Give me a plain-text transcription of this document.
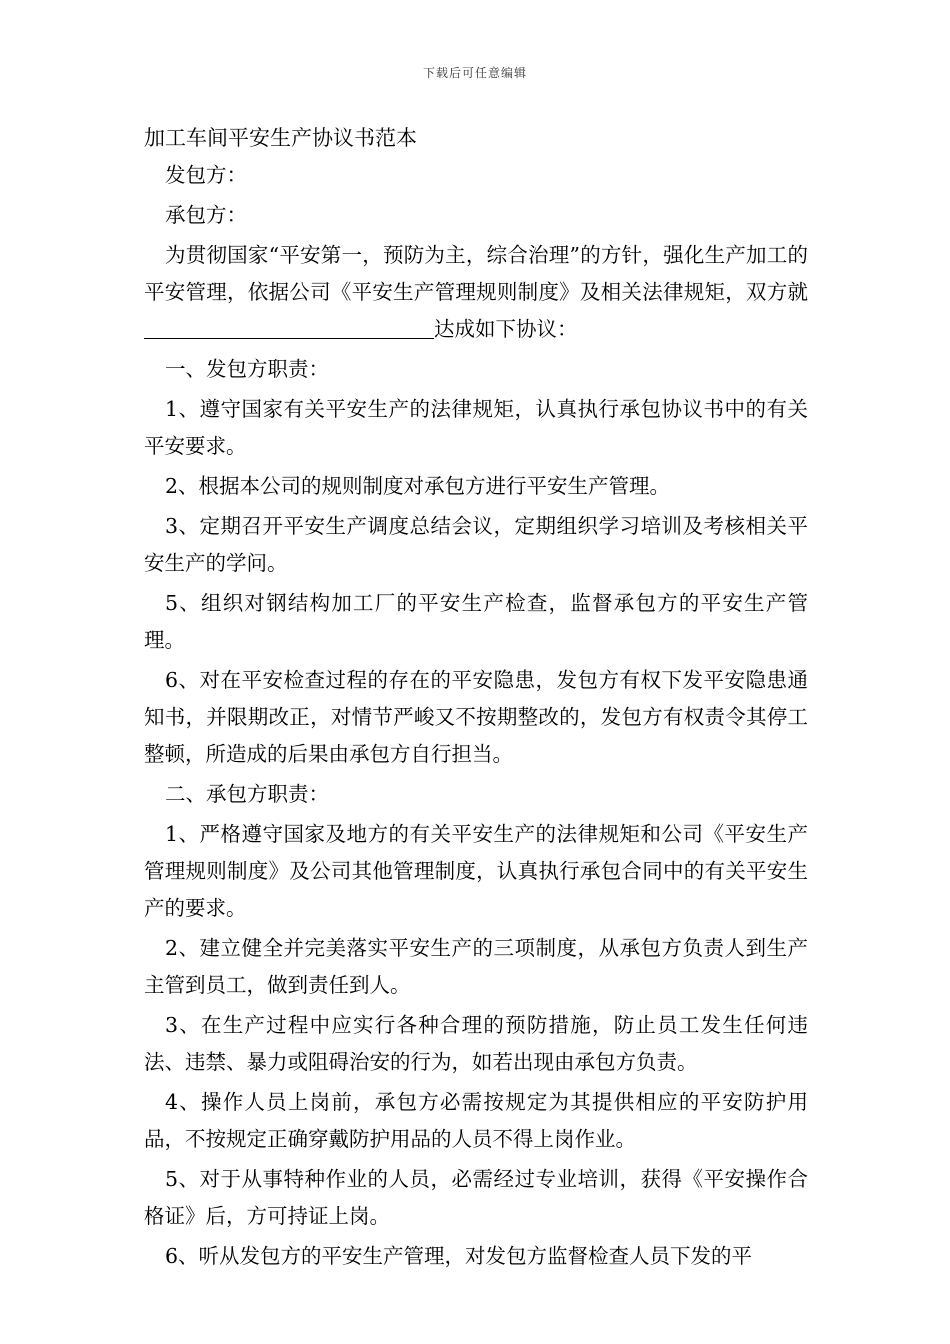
下载后可任意编辑
加工车间平安生产协议书范本

发包方：

承包方：

为贯彻国家“平安第一，预防为主，综合治理”的方针，强化生产加工的平安管理，依据公司《平安生产管理规则制度》及相关法律规矩，双方就达成如下协议：

一、发包方职责：

1、遵守国家有关平安生产的法律规矩，认真执行承包协议书中的有关平安要求。

2、根据本公司的规则制度对承包方进行平安生产管理。

3、定期召开平安生产调度总结会议，定期组织学习培训及考核相关平安生产的学问。

5、组织对钢结构加工厂的平安生产检查，监督承包方的平安生产管理。

6、对在平安检查过程的存在的平安隐患，发包方有权下发平安隐患通知书，并限期改正，对情节严峻又不按期整改的，发包方有权责令其停工整顿，所造成的后果由承包方自行担当。

二、承包方职责：

1、严格遵守国家及地方的有关平安生产的法律规矩和公司《平安生产管理规则制度》及公司其他管理制度，认真执行承包合同中的有关平安生产的要求。

2、建立健全并完美落实平安生产的三项制度，从承包方负责人到生产主管到员工，做到责任到人。

3、在生产过程中应实行各种合理的预防措施，防止员工发生任何违法、违禁、暴力或阻碍治安的行为，如若出现由承包方负责。

4、操作人员上岗前，承包方必需按规定为其提供相应的平安防护用品，不按规定正确穿戴防护用品的人员不得上岗作业。

5、对于从事特种作业的人员，必需经过专业培训，获得《平安操作合格证》后，方可持证上岗。

6、听从发包方的平安生产管理，对发包方监督检查人员下发的平
